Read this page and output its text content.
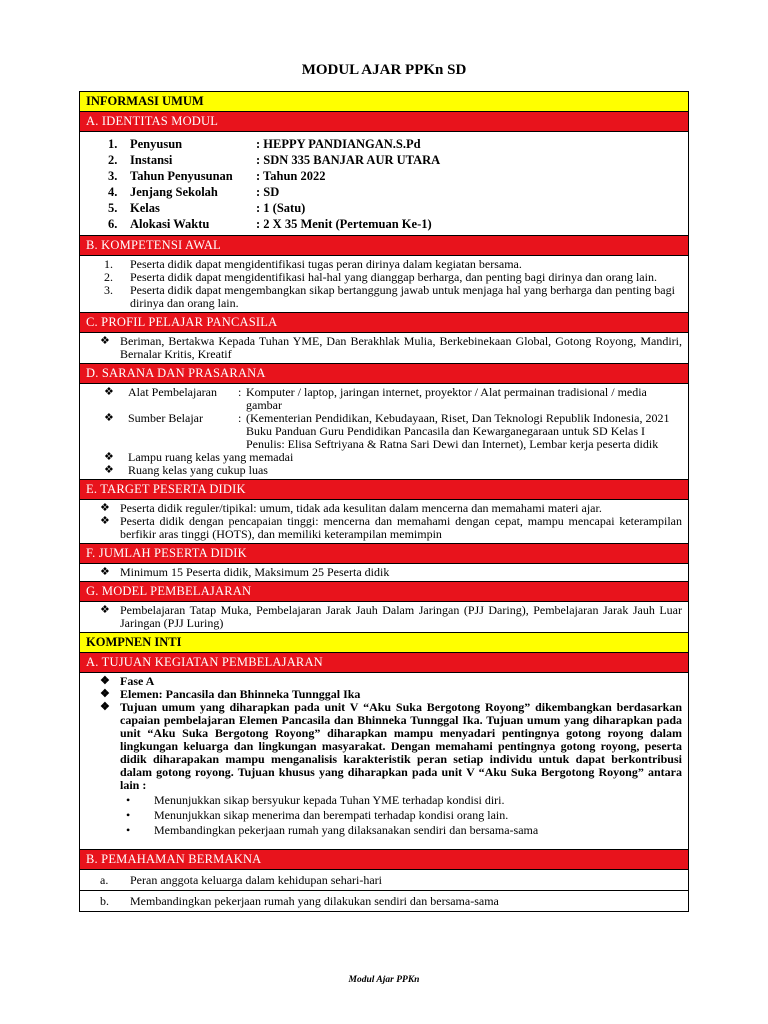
MODUL AJAR PPKn SD
INFORMASI UMUM
A. IDENTITAS MODUL
1.	Penyusun	: HEPPY PANDIANGAN.S.Pd
2.	Instansi	: SDN 335 BANJAR AUR UTARA
3.	Tahun Penyusunan	: Tahun 2022
4.	Jenjang Sekolah	: SD
5.	Kelas	: 1 (Satu)
6.	Alokasi Waktu	: 2 X 35 Menit (Pertemuan Ke-1)
B. KOMPETENSI AWAL
1.	Peserta didik dapat mengidentifikasi tugas peran dirinya dalam kegiatan bersama.
2.	Peserta didik dapat mengidentifikasi hal-hal yang dianggap berharga, dan penting bagi dirinya dan orang lain.
3.	Peserta didik dapat mengembangkan sikap bertanggung jawab untuk menjaga hal yang berharga dan penting bagi dirinya dan orang lain.
C. PROFIL PELAJAR PANCASILA
❖ Beriman, Bertakwa Kepada Tuhan YME, Dan Berakhlak Mulia, Berkebinekaan Global, Gotong Royong, Mandiri, Bernalar Kritis, Kreatif
D. SARANA DAN PRASARANA
❖	Alat Pembelajaran	: Komputer / laptop, jaringan internet, proyektor / Alat permainan tradisional / media gambar
❖	Sumber Belajar	: (Kementerian Pendidikan, Kebudayaan, Riset, Dan Teknologi Republik Indonesia, 2021 Buku Panduan Guru Pendidikan Pancasila dan Kewarganegaraan untuk SD Kelas I Penulis: Elisa Seftriyana & Ratna Sari Dewi dan Internet), Lembar kerja peserta didik
❖	Lampu ruang kelas yang memadai
❖	Ruang kelas yang cukup luas
E. TARGET PESERTA DIDIK
❖ Peserta didik reguler/tipikal: umum, tidak ada kesulitan dalam mencerna dan memahami materi ajar.
❖ Peserta didik dengan pencapaian tinggi: mencerna dan memahami dengan cepat, mampu mencapai keterampilan berfikir aras tinggi (HOTS), dan memiliki keterampilan memimpin
F. JUMLAH PESERTA DIDIK
❖ Minimum 15 Peserta didik, Maksimum 25 Peserta didik
G. MODEL PEMBELAJARAN
❖ Pembelajaran Tatap Muka, Pembelajaran Jarak Jauh Dalam Jaringan (PJJ Daring), Pembelajaran Jarak Jauh Luar Jaringan (PJJ Luring)
KOMPNEN INTI
A. TUJUAN KEGIATAN PEMBELAJARAN
❖ Fase A
❖ Elemen: Pancasila dan Bhinneka Tunnggal Ika
❖ Tujuan umum yang diharapkan pada unit V “Aku Suka Bergotong Royong” dikembangkan berdasarkan capaian pembelajaran Elemen Pancasila dan Bhinneka Tunnggal Ika. Tujuan umum yang diharapkan pada unit “Aku Suka Bergotong Royong” diharapkan mampu menyadari pentingnya gotong royong dalam lingkungan keluarga dan lingkungan masyarakat. Dengan memahami pentingnya gotong royong, peserta didik diharapakan mampu menganalisis karakteristik peran setiap individu untuk dapat berkontribusi dalam gotong royong. Tujuan khusus yang diharapkan pada unit V “Aku Suka Bergotong Royong” antara lain :
•	Menunjukkan sikap bersyukur kepada Tuhan YME terhadap kondisi diri.
•	Menunjukkan sikap menerima dan berempati terhadap kondisi orang lain.
•	Membandingkan pekerjaan rumah yang dilaksanakan sendiri dan bersama-sama
B. PEMAHAMAN BERMAKNA
a.	Peran anggota keluarga dalam kehidupan sehari-hari
b.	Membandingkan pekerjaan rumah yang dilakukan sendiri dan bersama-sama
Modul Ajar PPKn
